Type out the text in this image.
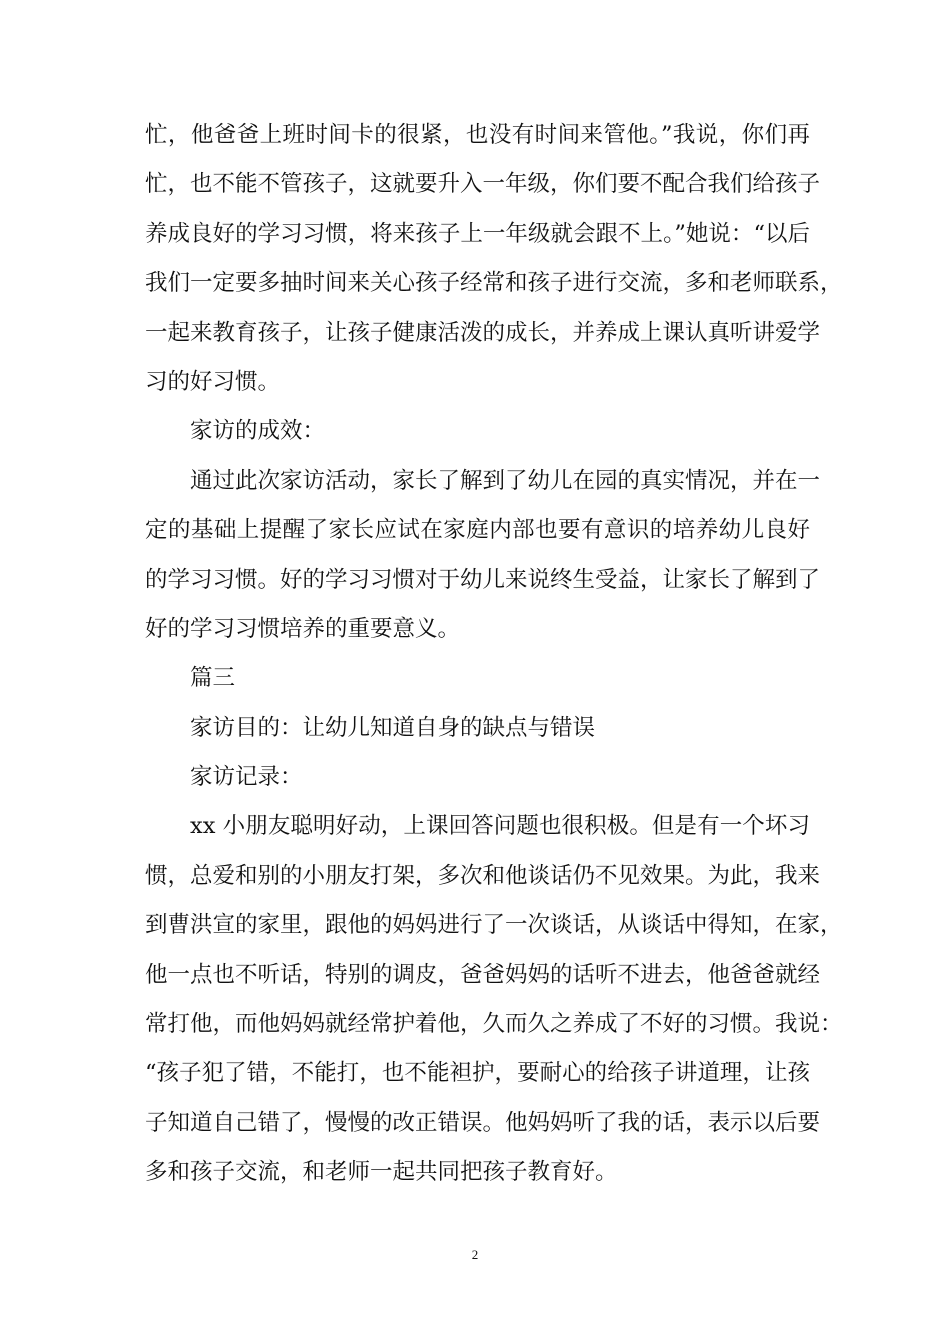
忙，他爸爸上班时间卡的很紧，也没有时间来管他。”我说，你们再
忙，也不能不管孩子，这就要升入一年级，你们要不配合我们给孩子
养成良好的学习习惯，将来孩子上一年级就会跟不上。”她说：“以后
我们一定要多抽时间来关心孩子经常和孩子进行交流，多和老师联系，
一起来教育孩子，让孩子健康活泼的成长，并养成上课认真听讲爱学
习的好习惯。
家访的成效：
通过此次家访活动，家长了解到了幼儿在园的真实情况，并在一
定的基础上提醒了家长应试在家庭内部也要有意识的培养幼儿良好
的学习习惯。好的学习习惯对于幼儿来说终生受益，让家长了解到了
好的学习习惯培养的重要意义。
篇三
家访目的：让幼儿知道自身的缺点与错误
家访记录：
xx 小朋友聪明好动，上课回答问题也很积极。但是有一个坏习
惯，总爱和别的小朋友打架，多次和他谈话仍不见效果。为此，我来
到曹洪宣的家里，跟他的妈妈进行了一次谈话，从谈话中得知，在家，
他一点也不听话，特别的调皮，爸爸妈妈的话听不进去，他爸爸就经
常打他，而他妈妈就经常护着他，久而久之养成了不好的习惯。我说：
“孩子犯了错，不能打，也不能袒护，要耐心的给孩子讲道理，让孩
子知道自己错了，慢慢的改正错误。他妈妈听了我的话，表示以后要
多和孩子交流，和老师一起共同把孩子教育好。
2
